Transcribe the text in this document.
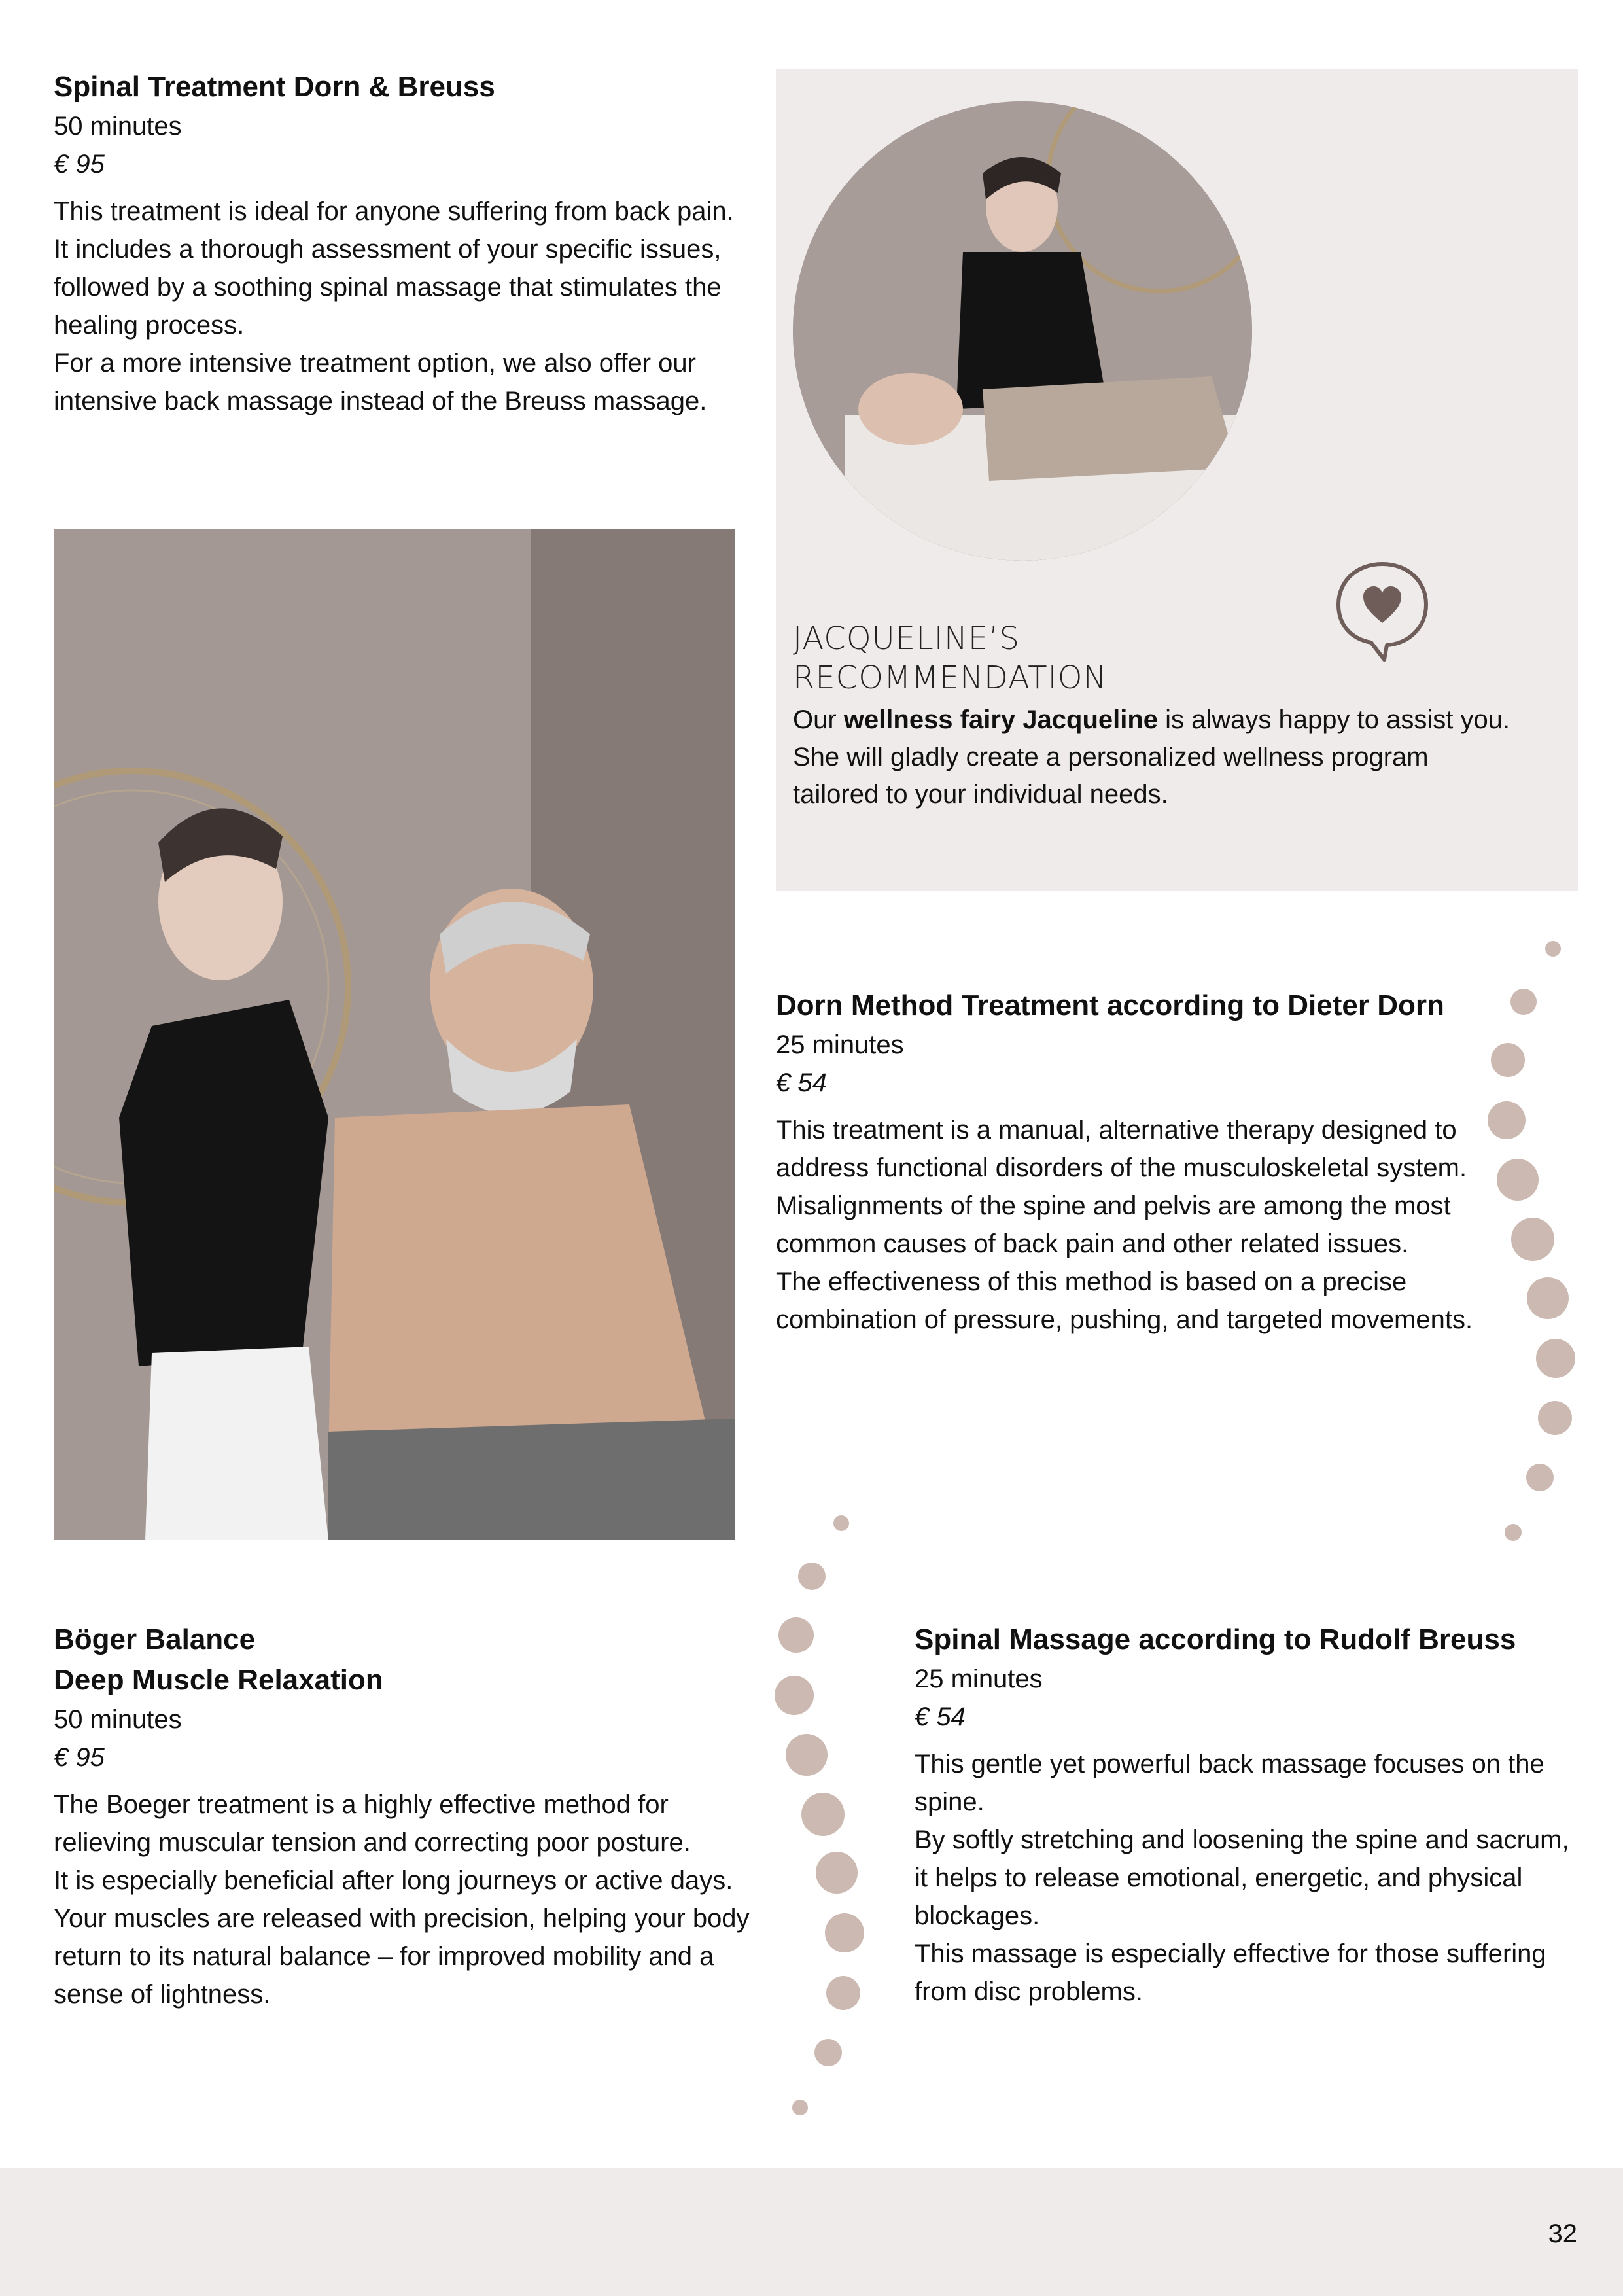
Spinal Treatment Dorn & Breuss

50 minutes

€ 95

This treatment is ideal for anyone suffering from back pain.

It includes a thorough assessment of your specific issues, followed by a soothing spinal massage that stimulates the healing process.

For a more intensive treatment option, we also offer our intensive back massage instead of the Breuss massage.

JACQUELINE’S RECOMMENDATION

Our wellness fairy Jacqueline is always happy to assist you.

She will gladly create a personalized wellness program tailored to your individual needs.

Dorn Method Treatment according to Dieter Dorn

25 minutes

€ 54

This treatment is a manual, alternative therapy designed to address functional disorders of the musculoskeletal system.

Misalignments of the spine and pelvis are among the most common causes of back pain and other related issues.

The effectiveness of this method is based on a precise combination of pressure, pushing, and targeted movements.

Böger Balance
Deep Muscle Relaxation

50 minutes

€ 95

The Boeger treatment is a highly effective method for relieving muscular tension and correcting poor posture.

It is especially beneficial after long journeys or active days.

Your muscles are released with precision, helping your body return to its natural balance – for improved mobility and a sense of lightness.

Spinal Massage according to Rudolf Breuss

25 minutes

€ 54

This gentle yet powerful back massage focuses on the spine.

By softly stretching and loosening the spine and sacrum, it helps to release emotional, energetic, and physical blockages.

This massage is especially effective for those suffering from disc problems.

32
